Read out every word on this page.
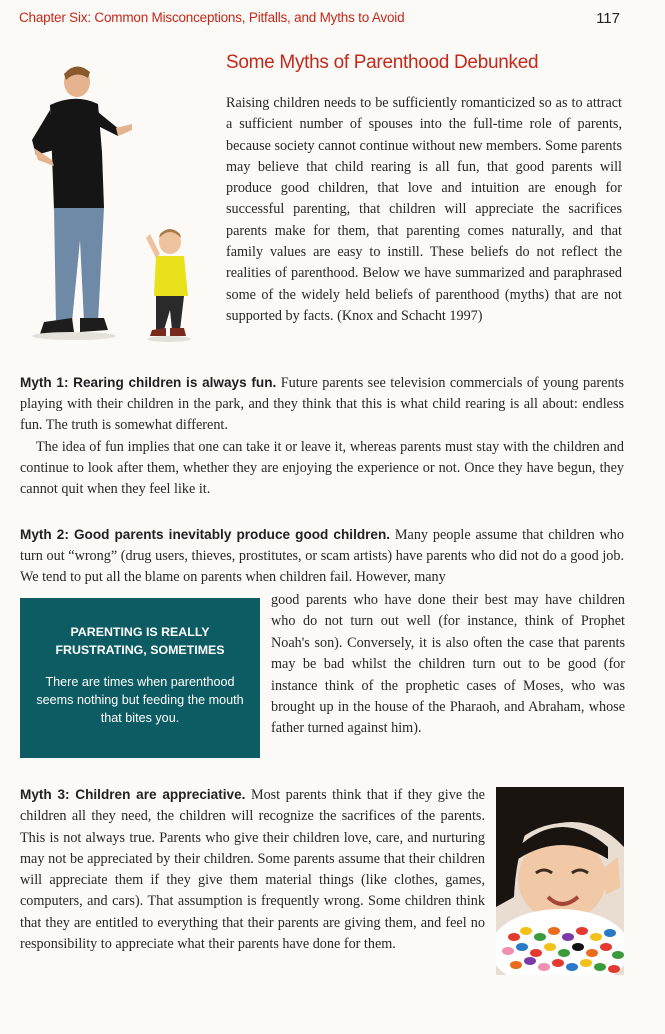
Chapter Six: Common Misconceptions, Pitfalls, and Myths to Avoid	117
Some Myths of Parenthood Debunked

Raising children needs to be sufficiently romanticized so as to attract a sufficient number of spouses into the full-time role of parents, because society cannot continue without new members. Some parents may believe that child rearing is all fun, that good parents will produce good children, that love and intuition are enough for successful parenting, that children will appreciate the sacrifices parents make for them, that parenting comes naturally, and that family values are easy to instill. These beliefs do not reflect the realities of parenthood. Below we have summarized and paraphrased some of the widely held beliefs of parenthood (myths) that are not supported by facts. (Knox and Schacht 1997)

Myth 1: Rearing children is always fun. Future parents see television commercials of young parents playing with their children in the park, and they think that this is what child rearing is all about: endless fun. The truth is somewhat different.

The idea of fun implies that one can take it or leave it, whereas parents must stay with the children and continue to look after them, whether they are enjoying the experience or not. Once they have begun, they cannot quit when they feel like it.

Myth 2: Good parents inevitably produce good children. Many people assume that children who turn out “wrong” (drug users, thieves, prostitutes, or scam artists) have parents who did not do a good job. We tend to put all the blame on parents when children fail. However, many

PARENTING IS REALLY FRUSTRATING, SOMETIMES
There are times when parenthood seems nothing but feeding the mouth that bites you.

good parents who have done their best may have children who do not turn out well (for instance, think of Prophet Noah's son). Conversely, it is also often the case that parents may be bad whilst the children turn out to be good (for instance think of the prophetic cases of Moses, who was brought up in the house of the Pharaoh, and Abraham, whose father turned against him).

Myth 3: Children are appreciative. Most parents think that if they give the children all they need, the children will recognize the sacrifices of the parents. This is not always true. Parents who give their children love, care, and nurturing may not be appreciated by their children. Some parents assume that their children will appreciate them if they give them material things (like clothes, games, computers, and cars). That assumption is frequently wrong. Some children think that they are entitled to everything that their parents are giving them, and feel no responsibility to appreciate what their parents have done for them.
